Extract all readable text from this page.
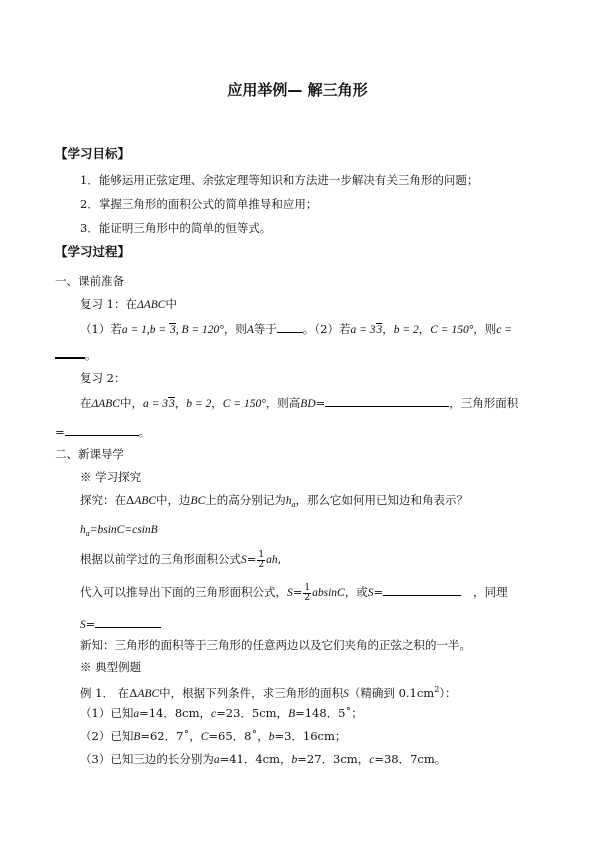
应用举例— 解三角形
【学习目标】
1．能够运用正弦定理、余弦定理等知识和方法进一步解决有关三角形的问题；
2．掌握三角形的面积公式的简单推导和应用；
3．能证明三角形中的简单的恒等式。
【学习过程】
一、课前准备
复习 1：在ΔABC中
（1）若a = 1,b = 3, B = 120°，则A等于 。（2）若a = 33，b = 2，C = 150°，则c =
。
复习 2：
在ΔABC中，a = 33，b = 2，C = 150°，则高BD=	，三角形面积
=	。
二、新课导学
※ 学习探究
探究：在ΔABC中，边BC上的高分别记为$h_a$，那么它如何用已知边和角表示？
$h_a=bsinC=csinB$
根据以前学过的三角形面积公式$S= \frac{1}{2}$ ah,
代入可以推导出下面的三角形面积公式，$S= \frac{1}{2}$ absinC，或S=	，同理
S=
新知：三角形的面积等于三角形的任意两边以及它们夹角的正弦之积的一半。
※ 典型例题
例 1． 在ΔABC中，根据下列条件，求三角形的面积S（精确到 $0.1cm^2$）：
（1）已知a=14．8cm，c=23．5cm，B=148．5˚；
（2）已知B=62．7˚，C=65．8˚，b=3．16cm；
（3）已知三边的长分别为a=41．4cm，b=27．3cm，c=38．7cm。
